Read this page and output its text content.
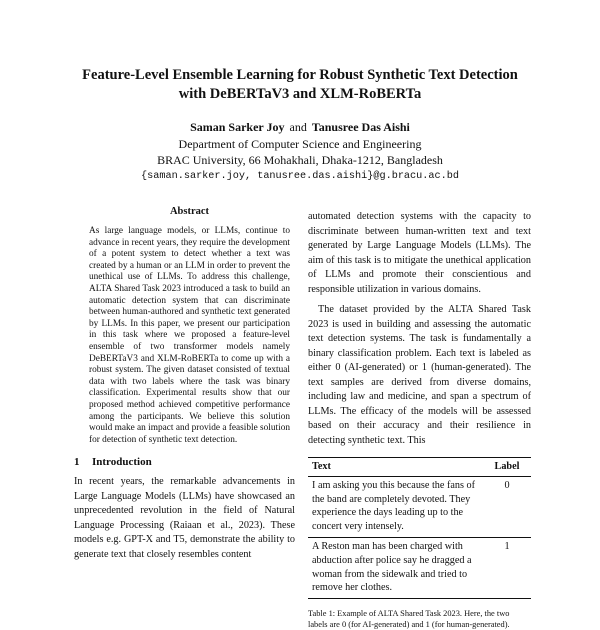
Feature-Level Ensemble Learning for Robust Synthetic Text Detection
with DeBERTaV3 and XLM-RoBERTa
Saman Sarker Joy and Tanusree Das Aishi
Department of Computer Science and Engineering
BRAC University, 66 Mohakhali, Dhaka-1212, Bangladesh
{saman.sarker.joy, tanusree.das.aishi}@g.bracu.ac.bd
Abstract
As large language models, or LLMs, continue to advance in recent years, they require the development of a potent system to detect whether a text was created by a human or an LLM in order to prevent the unethical use of LLMs. To address this challenge, ALTA Shared Task 2023 introduced a task to build an automatic detection system that can discriminate between human-authored and synthetic text generated by LLMs. In this paper, we present our participation in this task where we proposed a feature-level ensemble of two transformer models namely DeBERTaV3 and XLM-RoBERTa to come up with a robust system. The given dataset consisted of textual data with two labels where the task was binary classification. Experimental results show that our proposed method achieved competitive performance among the participants. We believe this solution would make an impact and provide a feasible solution for detection of synthetic text detection.
1 Introduction
In recent years, the remarkable advancements in Large Language Models (LLMs) have showcased an unprecedented revolution in the field of Natural Language Processing (Raiaan et al., 2023). These models e.g. GPT-X and T5, demonstrate the ability to generate text that closely resembles content

automated detection systems with the capacity to discriminate between human-written text and text generated by Large Language Models (LLMs). The aim of this task is to mitigate the unethical application of LLMs and promote their conscientious and responsible utilization in various domains.

The dataset provided by the ALTA Shared Task 2023 is used in building and assessing the automatic text detection systems. The task is fundamentally a binary classification problem. Each text is labeled as either 0 (AI-generated) or 1 (human-generated). The text samples are derived from diverse domains, including law and medicine, and span a spectrum of LLMs. The efficacy of the models will be assessed based on their accuracy and their resilience in detecting synthetic text. This

Text	Label
I am asking you this because the fans of the band are completely devoted. They experience the days leading up to the concert very intensely.	0
A Reston man has been charged with abduction after police say he dragged a woman from the sidewalk and tried to remove her clothes.	1
Table 1: Example of ALTA Shared Task 2023. Here, the two labels are 0 (for AI-generated) and 1 (for human-generated).
